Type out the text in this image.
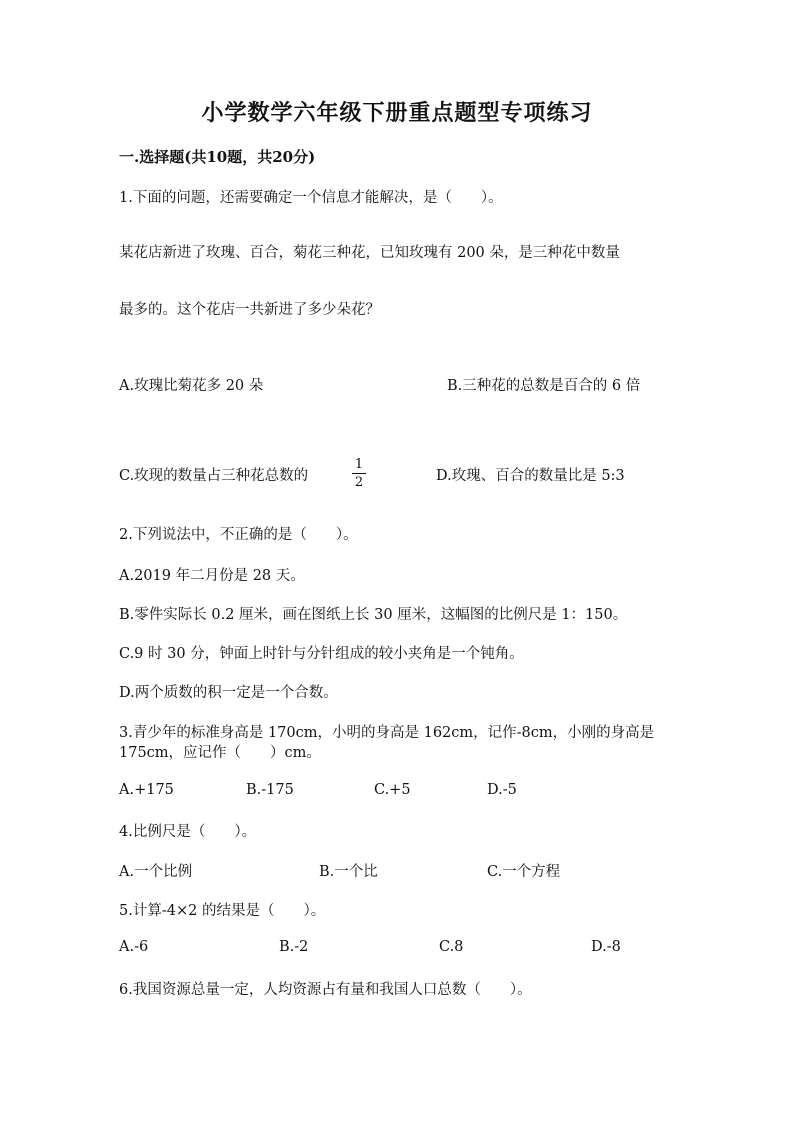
小学数学六年级下册重点题型专项练习
一.选择题(共10题，共20分)
1.下面的问题，还需要确定一个信息才能解决，是（　　）。
某花店新进了玫瑰、百合，菊花三种花，已知玫瑰有 200 朵，是三种花中数量
最多的。这个花店一共新进了多少朵花？
A.玫瑰比菊花多 20 朵	B.三种花的总数是百合的 6 倍
C.玫现的数量占三种花总数的
1
2	D.玫瑰、百合的数量比是 5:3
2.下列说法中，不正确的是（　　）。
A.2019 年二月份是 28 天。
B.零件实际长 0.2 厘米，画在图纸上长 30 厘米，这幅图的比例尺是 1：150。
C.9 时 30 分，钟面上时针与分针组成的较小夹角是一个钝角。
D.两个质数的积一定是一个合数。
3.青少年的标准身高是 170cm，小明的身高是 162cm，记作-8cm，小刚的身高是
175cm，应记作（　　）cm。
A.+175	B.-175	C.+5	D.-5
4.比例尺是（　　）。
A.一个比例	B.一个比	C.一个方程
5.计算-4×2 的结果是（　　）。
A.-6	B.-2	C.8	D.-8
6.我国资源总量一定，人均资源占有量和我国人口总数（　　）。
